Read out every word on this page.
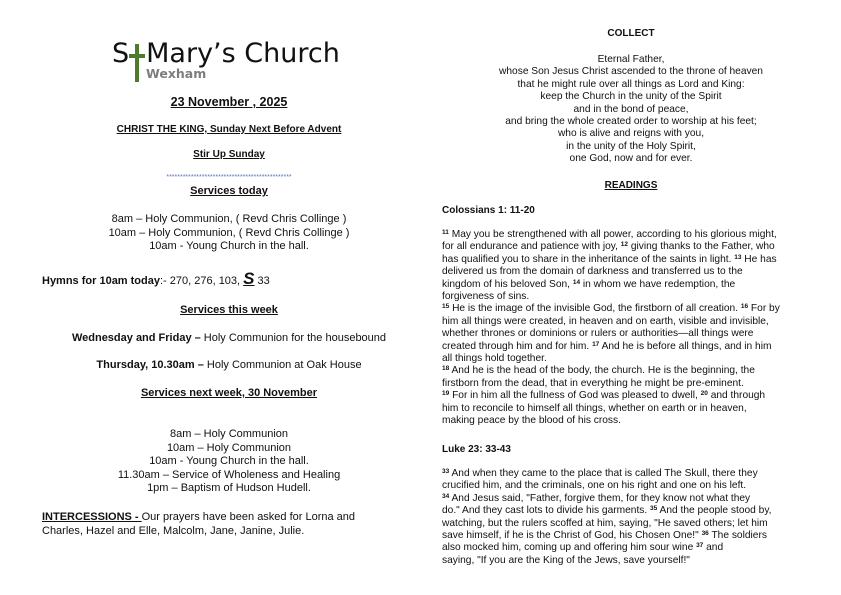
S Mary’s Church
Wexham
23 November , 2025
CHRIST THE KING, Sunday Next Before Advent
Stir Up Sunday
**********************************************
Services today
8am – Holy Communion, ( Revd Chris Collinge )
10am – Holy Communion, ( Revd Chris Collinge )
10am - Young Church in the hall.
Hymns for 10am today:- 270, 276, 103, S 33
Services this week
Wednesday and Friday – Holy Communion for the housebound
Thursday, 10.30am – Holy Communion at Oak House
Services next week, 30 November
8am – Holy Communion
10am – Holy Communion
10am - Young Church in the hall.
11.30am – Service of Wholeness and Healing
1pm – Baptism of Hudson Hudell.
INTERCESSIONS - Our prayers have been asked for Lorna and
Charles, Hazel and Elle, Malcolm, Jane, Janine, Julie.
COLLECT
Eternal Father,
whose Son Jesus Christ ascended to the throne of heaven
that he might rule over all things as Lord and King:
keep the Church in the unity of the Spirit
and in the bond of peace,
and bring the whole created order to worship at his feet;
who is alive and reigns with you,
in the unity of the Holy Spirit,
one God, now and for ever.
READINGS
Colossians 1: 11-20
$^{11}$ May you be strengthened with all power, according to his glorious might,
for all endurance and patience with joy, $^{12}$ giving thanks to the Father, who
has qualified you to share in the inheritance of the saints in light. $^{13}$ He has
delivered us from the domain of darkness and transferred us to the
kingdom of his beloved Son, $^{14}$ in whom we have redemption, the
forgiveness of sins.
$^{15}$ He is the image of the invisible God, the firstborn of all creation. $^{16}$ For by
him all things were created, in heaven and on earth, visible and invisible,
whether thrones or dominions or rulers or authorities—all things were
created through him and for him. $^{17}$ And he is before all things, and in him
all things hold together.
$^{18}$ And he is the head of the body, the church. He is the beginning, the
firstborn from the dead, that in everything he might be pre-eminent.
$^{19}$ For in him all the fullness of God was pleased to dwell, $^{20}$ and through
him to reconcile to himself all things, whether on earth or in heaven,
making peace by the blood of his cross.
Luke 23: 33-43
$^{33}$ And when they came to the place that is called The Skull, there they
crucified him, and the criminals, one on his right and one on his left.
$^{34}$ And Jesus said, "Father, forgive them, for they know not what they
do." And they cast lots to divide his garments. $^{35}$ And the people stood by,
watching, but the rulers scoffed at him, saying, "He saved others; let him
save himself, if he is the Christ of God, his Chosen One!" $^{36}$ The soldiers
also mocked him, coming up and offering him sour wine $^{37}$ and
saying, "If you are the King of the Jews, save yourself!"
